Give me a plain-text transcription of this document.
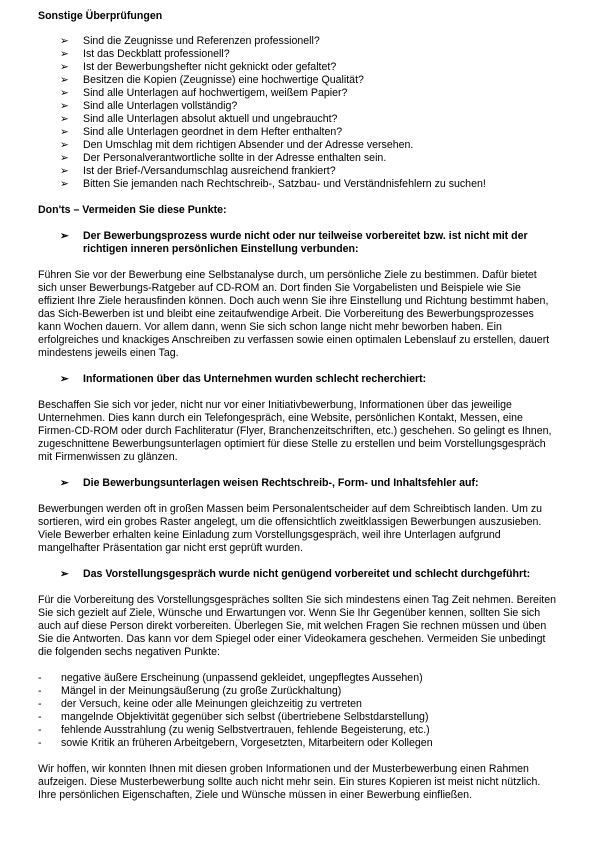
Sonstige Überprüfungen

➢	Sind die Zeugnisse und Referenzen professionell?
➢	Ist das Deckblatt professionell?
➢	Ist der Bewerbungshefter nicht geknickt oder gefaltet?
➢	Besitzen die Kopien (Zeugnisse) eine hochwertige Qualität?
➢	Sind alle Unterlagen auf hochwertigem, weißem Papier?
➢	Sind alle Unterlagen vollständig?
➢	Sind alle Unterlagen absolut aktuell und ungebraucht?
➢	Sind alle Unterlagen geordnet in dem Hefter enthalten?
➢	Den Umschlag mit dem richtigen Absender und der Adresse versehen.
➢	Der Personalverantwortliche sollte in der Adresse enthalten sein.
➢	Ist der Brief-/Versandumschlag ausreichend frankiert?
➢	Bitten Sie jemanden nach Rechtschreib-, Satzbau- und Verständnisfehlern zu suchen!

Don'ts – Vermeiden Sie diese Punkte:

➢	Der Bewerbungsprozess wurde nicht oder nur teilweise vorbereitet bzw. ist nicht mit der richtigen inneren persönlichen Einstellung verbunden:

Führen Sie vor der Bewerbung eine Selbstanalyse durch, um persönliche Ziele zu bestimmen. Dafür bietet sich unser Bewerbungs-Ratgeber auf CD-ROM an. Dort finden Sie Vorgabelisten und Beispiele wie Sie effizient Ihre Ziele herausfinden können. Doch auch wenn Sie ihre Einstellung und Richtung bestimmt haben, das Sich-Bewerben ist und bleibt eine zeitaufwendige Arbeit. Die Vorbereitung des Bewerbungsprozesses kann Wochen dauern. Vor allem dann, wenn Sie sich schon lange nicht mehr beworben haben. Ein erfolgreiches und knackiges Anschreiben zu verfassen sowie einen optimalen Lebenslauf zu erstellen, dauert mindestens jeweils einen Tag.

➢	Informationen über das Unternehmen wurden schlecht recherchiert:

Beschaffen Sie sich vor jeder, nicht nur vor einer Initiativbewerbung, Informationen über das jeweilige Unternehmen. Dies kann durch ein Telefongespräch, eine Website, persönlichen Kontakt, Messen, eine Firmen-CD-ROM oder durch Fachliteratur (Flyer, Branchenzeitschriften, etc.) geschehen. So gelingt es Ihnen, zugeschnittene Bewerbungsunterlagen optimiert für diese Stelle zu erstellen und beim Vorstellungsgespräch mit Firmenwissen zu glänzen.

➢	Die Bewerbungsunterlagen weisen Rechtschreib-, Form- und Inhaltsfehler auf:

Bewerbungen werden oft in großen Massen beim Personalentscheider auf dem Schreibtisch landen. Um zu sortieren, wird ein grobes Raster angelegt, um die offensichtlich zweitklassigen Bewerbungen auszusieben. Viele Bewerber erhalten keine Einladung zum Vorstellungsgespräch, weil ihre Unterlagen aufgrund mangelhafter Präsentation gar nicht erst geprüft wurden.

➢	Das Vorstellungsgespräch wurde nicht genügend vorbereitet und schlecht durchgeführt:

Für die Vorbereitung des Vorstellungsgespräches sollten Sie sich mindestens einen Tag Zeit nehmen. Bereiten Sie sich gezielt auf Ziele, Wünsche und Erwartungen vor. Wenn Sie Ihr Gegenüber kennen, sollten Sie sich auch auf diese Person direkt vorbereiten. Überlegen Sie, mit welchen Fragen Sie rechnen müssen und üben Sie die Antworten. Das kann vor dem Spiegel oder einer Videokamera geschehen. Vermeiden Sie unbedingt die folgenden sechs negativen Punkte:

-	negative äußere Erscheinung (unpassend gekleidet, ungepflegtes Aussehen)
-	Mängel in der Meinungsäußerung (zu große Zurückhaltung)
-	der Versuch, keine oder alle Meinungen gleichzeitig zu vertreten
-	mangelnde Objektivität gegenüber sich selbst (übertriebene Selbstdarstellung)
-	fehlende Ausstrahlung (zu wenig Selbstvertrauen, fehlende Begeisterung, etc.)
-	sowie Kritik an früheren Arbeitgebern, Vorgesetzten, Mitarbeitern oder Kollegen

Wir hoffen, wir konnten Ihnen mit diesen groben Informationen und der Musterbewerbung einen Rahmen aufzeigen. Diese Musterbewerbung sollte auch nicht mehr sein. Ein stures Kopieren ist meist nicht nützlich. Ihre persönlichen Eigenschaften, Ziele und Wünsche müssen in einer Bewerbung einfließen.
